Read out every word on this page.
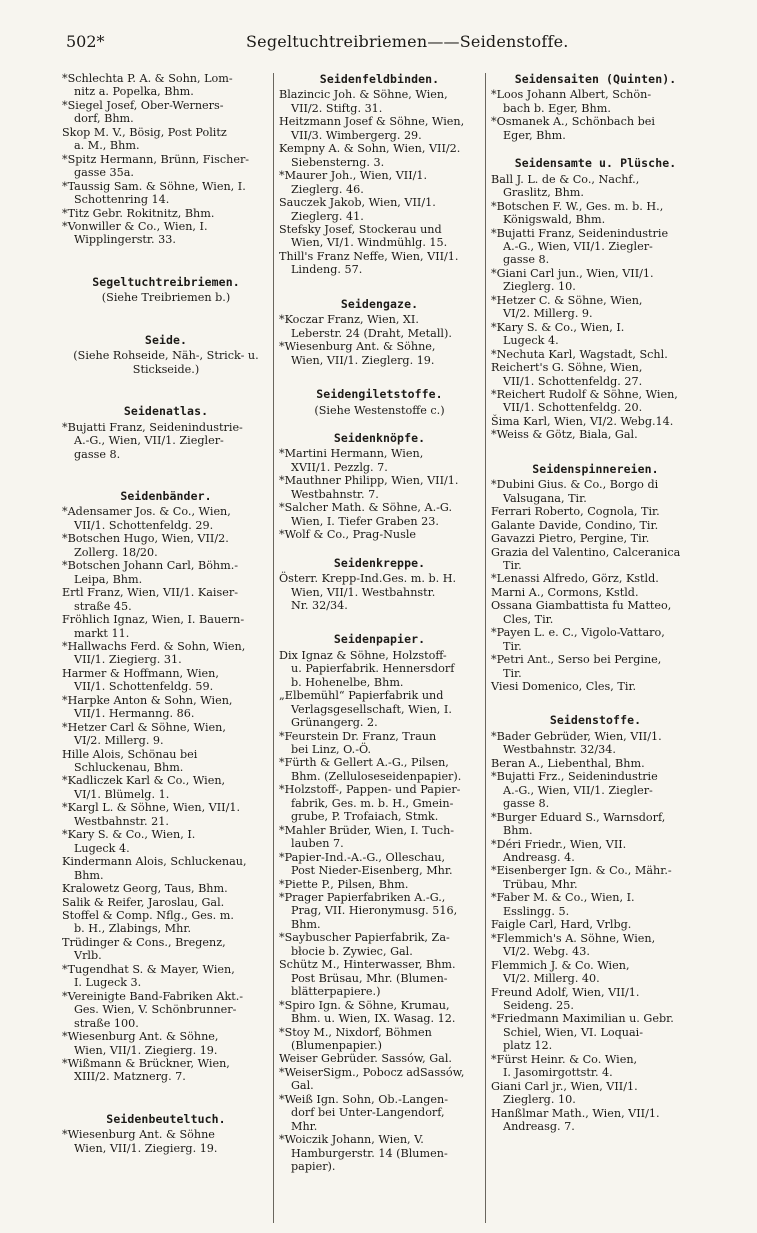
502*	Segeltuchtreibriemen——Seidenstoffe.
*Schlechta P. A. & Sohn, Lom-
nitz a. Popelka, Bhm.
*Siegel Josef, Ober-Werners-
dorf, Bhm.
Skop M. V., Bösig, Post Politz
a. M., Bhm.
*Spitz Hermann, Brünn, Fischer-
gasse 35a.
*Taussig Sam. & Söhne, Wien, I.
Schottenring 14.
*Titz Gebr. Rokitnitz, Bhm.
*Vonwiller & Co., Wien, I.
Wipplingerstr. 33.
Segeltuchtreibriemen.
(Siehe Treibriemen b.)
Seide.
(Siehe Rohseide, Näh-, Strick- u.
Stickseide.)
Seidenatlas.
*Bujatti Franz, Seidenindustrie-
A.-G., Wien, VII/1. Ziegler-
gasse 8.
Seidenbänder.
*Adensamer Jos. & Co., Wien,
VII/1. Schottenfeldg. 29.
*Botschen Hugo, Wien, VII/2.
Zollerg. 18/20.
*Botschen Johann Carl, Böhm.-
Leipa, Bhm.
Ertl Franz, Wien, VII/1. Kaiser-
straße 45.
Fröhlich Ignaz, Wien, I. Bauern-
markt 11.
*Hallwachs Ferd. & Sohn, Wien,
VII/1. Ziegierg. 31.
Harmer & Hoffmann, Wien,
VII/1. Schottenfeldg. 59.
*Harpke Anton & Sohn, Wien,
VII/1. Hermanng. 86.
*Hetzer Carl & Söhne, Wien,
VI/2. Millerg. 9.
Hille Alois, Schönau bei
Schluckenau, Bhm.
*Kadliczek Karl & Co., Wien,
VI/1. Blümelg. 1.
*Kargl L. & Söhne, Wien, VII/1.
Westbahnstr. 21.
*Kary S. & Co., Wien, I.
Lugeck 4.
Kindermann Alois, Schluckenau,
Bhm.
Kralowetz Georg, Taus, Bhm.
Salik & Reifer, Jaroslau, Gal.
Stoffel & Comp. Nflg., Ges. m.
b. H., Zlabings, Mhr.
Trüdinger & Cons., Bregenz,
Vrlb.
*Tugendhat S. & Mayer, Wien,
I. Lugeck 3.
*Vereinigte Band-Fabriken Akt.-
Ges. Wien, V. Schönbrunner-
straße 100.
*Wiesenburg Ant. & Söhne,
Wien, VII/1. Ziegierg. 19.
*Wißmann & Brückner, Wien,
XIII/2. Matznerg. 7.
Seidenbeuteltuch.
*Wiesenburg Ant. & Söhne
Wien, VII/1. Ziegierg. 19.
Seidenfeldbinden.
Blazincic Joh. & Söhne, Wien,
VII/2. Stiftg. 31.
Heitzmann Josef & Söhne, Wien,
VII/3. Wimbergerg. 29.
Kempny A. & Sohn, Wien, VII/2.
Siebensterng. 3.
*Maurer Joh., Wien, VII/1.
Zieglerg. 46.
Sauczek Jakob, Wien, VII/1.
Zieglerg. 41.
Stefsky Josef, Stockerau und
Wien, VI/1. Windmühlg. 15.
Thill's Franz Neffe, Wien, VII/1.
Lindeng. 57.
Seidengaze.
*Koczar Franz, Wien, XI.
Leberstr. 24 (Draht, Metall).
*Wiesenburg Ant. & Söhne,
Wien, VII/1. Zieglerg. 19.
Seidengiletstoffe.
(Siehe Westenstoffe c.)
Seidenknöpfe.
*Martini Hermann, Wien,
XVII/1. Pezzlg. 7.
*Mauthner Philipp, Wien, VII/1.
Westbahnstr. 7.
*Salcher Math. & Söhne, A.-G.
Wien, I. Tiefer Graben 23.
*Wolf & Co., Prag-Nusle
Seidenkreppe.
Österr. Krepp-Ind.Ges. m. b. H.
Wien, VII/1. Westbahnstr.
Nr. 32/34.
Seidenpapier.
Dix Ignaz & Söhne, Holzstoff-
u. Papierfabrik. Hennersdorf
b. Hohenelbe, Bhm.
„Elbemühl“ Papierfabrik und
Verlagsgesellschaft, Wien, I.
Grünangerg. 2.
*Feurstein Dr. Franz, Traun
bei Linz, O.-Ö.
*Fürth & Gellert A.-G., Pilsen,
Bhm. (Zelluloseseidenpapier).
*Holzstoff-, Pappen- und Papier-
fabrik, Ges. m. b. H., Gmein-
grube, P. Trofaiach, Stmk.
*Mahler Brüder, Wien, I. Tuch-
lauben 7.
*Papier-Ind.-A.-G., Olleschau,
Post Nieder-Eisenberg, Mhr.
*Piette P., Pilsen, Bhm.
*Prager Papierfabriken A.-G.,
Prag, VII. Hieronymusg. 516,
Bhm.
*Saybuscher Papierfabrik, Za-
błocie b. Zywiec, Gal.
Schütz M., Hinterwasser, Bhm.
Post Brüsau, Mhr. (Blumen-
blätterpapiere.)
*Spiro Ign. & Söhne, Krumau,
Bhm. u. Wien, IX. Wasag. 12.
*Stoy M., Nixdorf, Böhmen
(Blumenpapier.)
Weiser Gebrüder. Sassów, Gal.
*WeiserSigm., Pobocz adSassów,
Gal.
*Weiß Ign. Sohn, Ob.-Langen-
dorf bei Unter-Langendorf,
Mhr.
*Woiczik Johann, Wien, V.
Hamburgerstr. 14 (Blumen-
papier).
Seidensaiten (Quinten).
*Loos Johann Albert, Schön-
bach b. Eger, Bhm.
*Osmanek A., Schönbach bei
Eger, Bhm.
Seidensamte u. Plüsche.
Ball J. L. de & Co., Nachf.,
Graslitz, Bhm.
*Botschen F. W., Ges. m. b. H.,
Königswald, Bhm.
*Bujatti Franz, Seidenindustrie
A.-G., Wien, VII/1. Ziegler-
gasse 8.
*Giani Carl jun., Wien, VII/1.
Zieglerg. 10.
*Hetzer C. & Söhne, Wien,
VI/2. Millerg. 9.
*Kary S. & Co., Wien, I.
Lugeck 4.
*Nechuta Karl, Wagstadt, Schl.
Reichert's G. Söhne, Wien,
VII/1. Schottenfeldg. 27.
*Reichert Rudolf & Söhne, Wien,
VII/1. Schottenfeldg. 20.
Šima Karl, Wien, VI/2. Webg.14.
*Weiss & Götz, Biala, Gal.
Seidenspinnereien.
*Dubini Gius. & Co., Borgo di
Valsugana, Tir.
Ferrari Roberto, Cognola, Tir.
Galante Davide, Condino, Tir.
Gavazzi Pietro, Pergine, Tir.
Grazia del Valentino, Calceranica
Tir.
*Lenassi Alfredo, Görz, Kstld.
Marni A., Cormons, Kstld.
Ossana Giambattista fu Matteo,
Cles, Tir.
*Payen L. e. C., Vigolo-Vattaro,
Tir.
*Petri Ant., Serso bei Pergine,
Tir.
Viesi Domenico, Cles, Tir.
Seidenstoffe.
*Bader Gebrüder, Wien, VII/1.
Westbahnstr. 32/34.
Beran A., Liebenthal, Bhm.
*Bujatti Frz., Seidenindustrie
A.-G., Wien, VII/1. Ziegler-
gasse 8.
*Burger Eduard S., Warnsdorf,
Bhm.
*Déri Friedr., Wien, VII.
Andreasg. 4.
*Eisenberger Ign. & Co., Mähr.-
Trübau, Mhr.
*Faber M. & Co., Wien, I.
Esslingg. 5.
Faigle Carl, Hard, Vrlbg.
*Flemmich's A. Söhne, Wien,
VI/2. Webg. 43.
Flemmich J. & Co. Wien,
VI/2. Millerg. 40.
Freund Adolf, Wien, VII/1.
Seideng. 25.
*Friedmann Maximilian u. Gebr.
Schiel, Wien, VI. Loquai-
platz 12.
*Fürst Heinr. & Co. Wien,
I. Jasomirgottstr. 4.
Giani Carl jr., Wien, VII/1.
Zieglerg. 10.
Hanßlmar Math., Wien, VII/1.
Andreasg. 7.
